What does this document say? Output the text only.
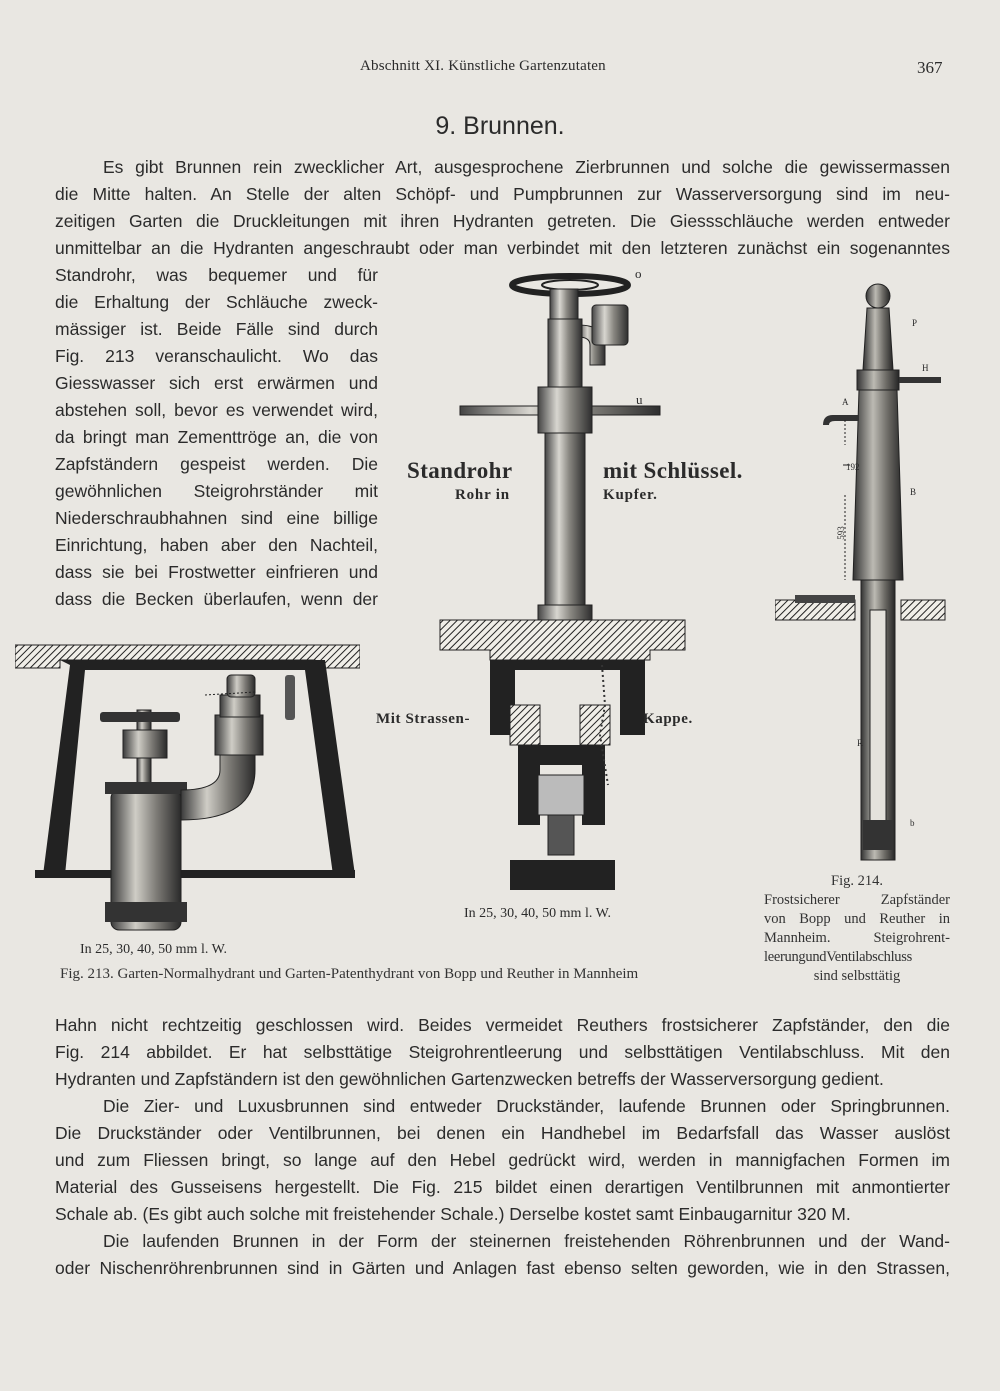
Abschnitt XI. Künstliche Gartenzutaten	367
9. Brunnen.
Es gibt Brunnen rein zwecklicher Art, ausgesprochene Zierbrunnen und solche die gewissermassen
die Mitte halten. An Stelle der alten Schöpf- und Pumpbrunnen zur Wasserversorgung sind im neu-
zeitigen Garten die Druckleitungen mit ihren Hydranten getreten. Die Giessschläuche werden entweder
unmittelbar an die Hydranten angeschraubt oder man verbindet mit den letzteren zunächst ein sogenanntes
Standrohr, was bequemer und für
die Erhaltung der Schläuche zweck-
mässiger ist. Beide Fälle sind durch
Fig. 213 veranschaulicht. Wo das
Giesswasser sich erst erwärmen und
abstehen soll, bevor es verwendet wird,
da bringt man Zementtröge an, die von
Zapfständern gespeist werden. Die
gewöhnlichen Steigrohrständer mit
Niederschraubhahnen sind eine billige
Einrichtung, haben aber den Nachteil,
dass sie bei Frostwetter einfrieren und
dass die Becken überlaufen, wenn der
Standrohr
Rohr in
mit Schlüssel.
Kupfer.
Mit Strassen-	Kappe.
o
u
In 25, 30, 40, 50 mm l. W.
In 25, 30, 40, 50 mm l. W.
P
H
A
B
R
b
192
593
Fig. 214.
Frostsicherer Zapfständer
von Bopp und Reuther in
Mannheim. Steigrohrent-
leerungundVentilabschluss
sind selbsttätig
Fig. 213. Garten-Normalhydrant und Garten-Patenthydrant von Bopp und Reuther in Mannheim
Hahn nicht rechtzeitig geschlossen wird. Beides vermeidet Reuthers frostsicherer Zapfständer, den die
Fig. 214 abbildet. Er hat selbsttätige Steigrohrentleerung und selbsttätigen Ventilabschluss. Mit den
Hydranten und Zapfständern ist den gewöhnlichen Gartenzwecken betreffs der Wasserversorgung gedient.
Die Zier- und Luxusbrunnen sind entweder Druckständer, laufende Brunnen oder Springbrunnen.
Die Druckständer oder Ventilbrunnen, bei denen ein Handhebel im Bedarfsfall das Wasser auslöst
und zum Fliessen bringt, so lange auf den Hebel gedrückt wird, werden in mannigfachen Formen im
Material des Gusseisens hergestellt. Die Fig. 215 bildet einen derartigen Ventilbrunnen mit anmontierter
Schale ab. (Es gibt auch solche mit freistehender Schale.) Derselbe kostet samt Einbaugarnitur 320 M.
Die laufenden Brunnen in der Form der steinernen freistehenden Röhrenbrunnen und der Wand-
oder Nischenröhrenbrunnen sind in Gärten und Anlagen fast ebenso selten geworden, wie in den Strassen,
